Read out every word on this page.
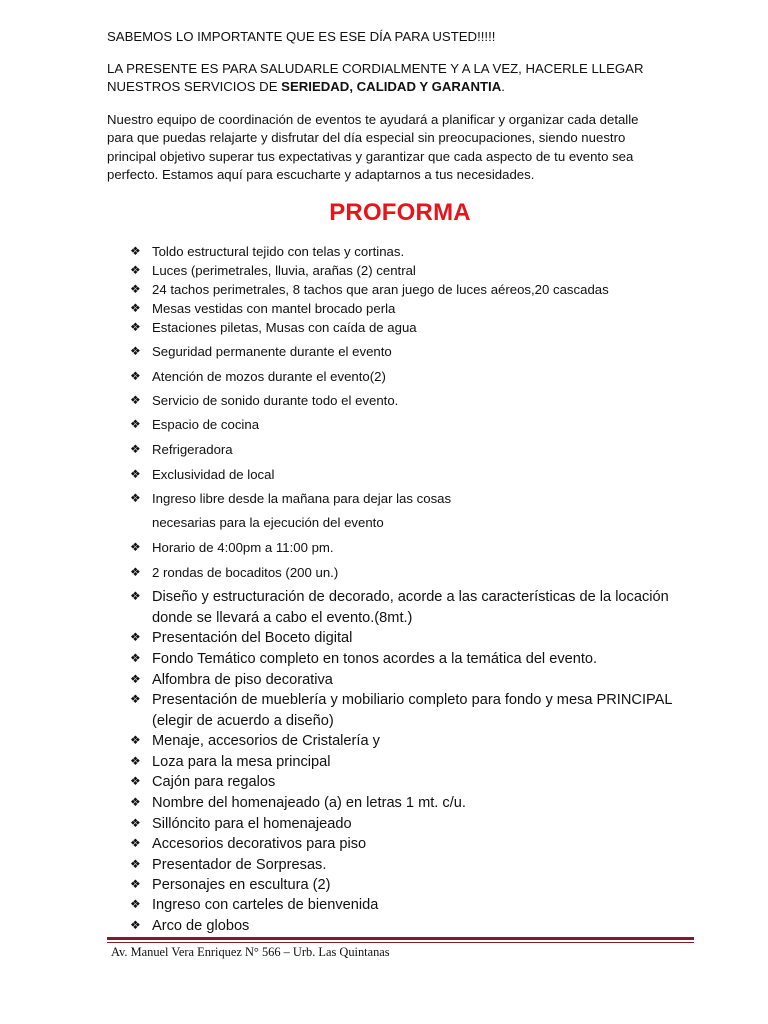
SABEMOS LO IMPORTANTE QUE ES ESE DÍA PARA USTED!!!!!

LA PRESENTE ES PARA SALUDARLE CORDIALMENTE Y A LA VEZ, HACERLE LLEGAR

NUESTROS SERVICIOS DE SERIEDAD, CALIDAD Y GARANTIA.

Nuestro equipo de coordinación de eventos te ayudará a planificar y organizar cada detalle

para que puedas relajarte y disfrutar del día especial sin preocupaciones, siendo nuestro

principal objetivo superar tus expectativas y garantizar que cada aspecto de tu evento sea

perfecto. Estamos aquí para escucharte y adaptarnos a tus necesidades.

PROFORMA
❖ Toldo estructural tejido con telas y cortinas.
❖ Luces (perimetrales, lluvia, arañas (2) central
❖ 24 tachos perimetrales, 8 tachos que aran juego de luces aéreos,20 cascadas
❖ Mesas vestidas con mantel brocado perla
❖ Estaciones piletas, Musas con caída de agua
❖ Seguridad permanente durante el evento
❖ Atención de mozos durante el evento(2)
❖ Servicio de sonido durante todo el evento.
❖ Espacio de cocina
❖ Refrigeradora
❖ Exclusividad de local
❖ Ingreso libre desde la mañana para dejar las cosas
necesarias para la ejecución del evento
❖ Horario de 4:00pm a 11:00 pm.
❖ 2 rondas de bocaditos (200 un.)
❖ Diseño y estructuración de decorado, acorde a las características de la locación
donde se llevará a cabo el evento.(8mt.)
❖ Presentación del Boceto digital
❖ Fondo Temático completo en tonos acordes a la temática del evento.
❖ Alfombra de piso decorativa
❖ Presentación de mueblería y mobiliario completo para fondo y mesa PRINCIPAL
(elegir de acuerdo a diseño)
❖ Menaje, accesorios de Cristalería y
❖ Loza para la mesa principal
❖ Cajón para regalos
❖ Nombre del homenajeado (a) en letras 1 mt. c/u.
❖ Sillóncito para el homenajeado
❖ Accesorios decorativos para piso
❖ Presentador de Sorpresas.
❖ Personajes en escultura (2)
❖ Ingreso con carteles de bienvenida
❖ Arco de globos
Av. Manuel Vera Enriquez N° 566 – Urb. Las Quintanas
